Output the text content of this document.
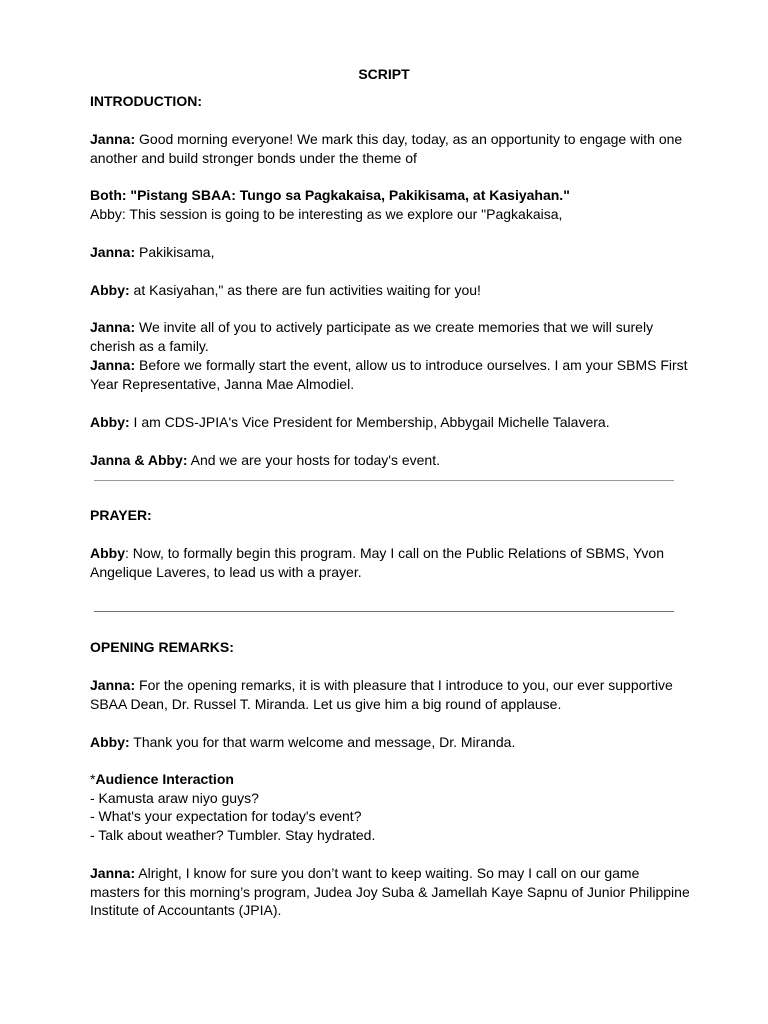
SCRIPT
INTRODUCTION:
Janna: Good morning everyone! We mark this day, today, as an opportunity to engage with one another and build stronger bonds under the theme of
Both: "Pistang SBAA: Tungo sa Pagkakaisa, Pakikisama, at Kasiyahan."
Abby: This session is going to be interesting as we explore our "Pagkakaisa,
Janna: Pakikisama,
Abby: at Kasiyahan," as there are fun activities waiting for you!
Janna: We invite all of you to actively participate as we create memories that we will surely cherish as a family.
Janna: Before we formally start the event, allow us to introduce ourselves. I am your SBMS First Year Representative, Janna Mae Almodiel.
Abby: I am CDS-JPIA's Vice President for Membership, Abbygail Michelle Talavera.
Janna & Abby: And we are your hosts for today's event.
PRAYER:
Abby: Now, to formally begin this program. May I call on the Public Relations of SBMS, Yvon Angelique Laveres, to lead us with a prayer.
OPENING REMARKS:
Janna: For the opening remarks, it is with pleasure that I introduce to you, our ever supportive SBAA Dean, Dr. Russel T. Miranda. Let us give him a big round of applause.
Abby: Thank you for that warm welcome and message, Dr. Miranda.
*Audience Interaction
- Kamusta araw niyo guys?
- What's your expectation for today's event?
- Talk about weather? Tumbler. Stay hydrated.
Janna: Alright, I know for sure you don’t want to keep waiting. So may I call on our game masters for this morning’s program, Judea Joy Suba & Jamellah Kaye Sapnu of Junior Philippine Institute of Accountants (JPIA).
